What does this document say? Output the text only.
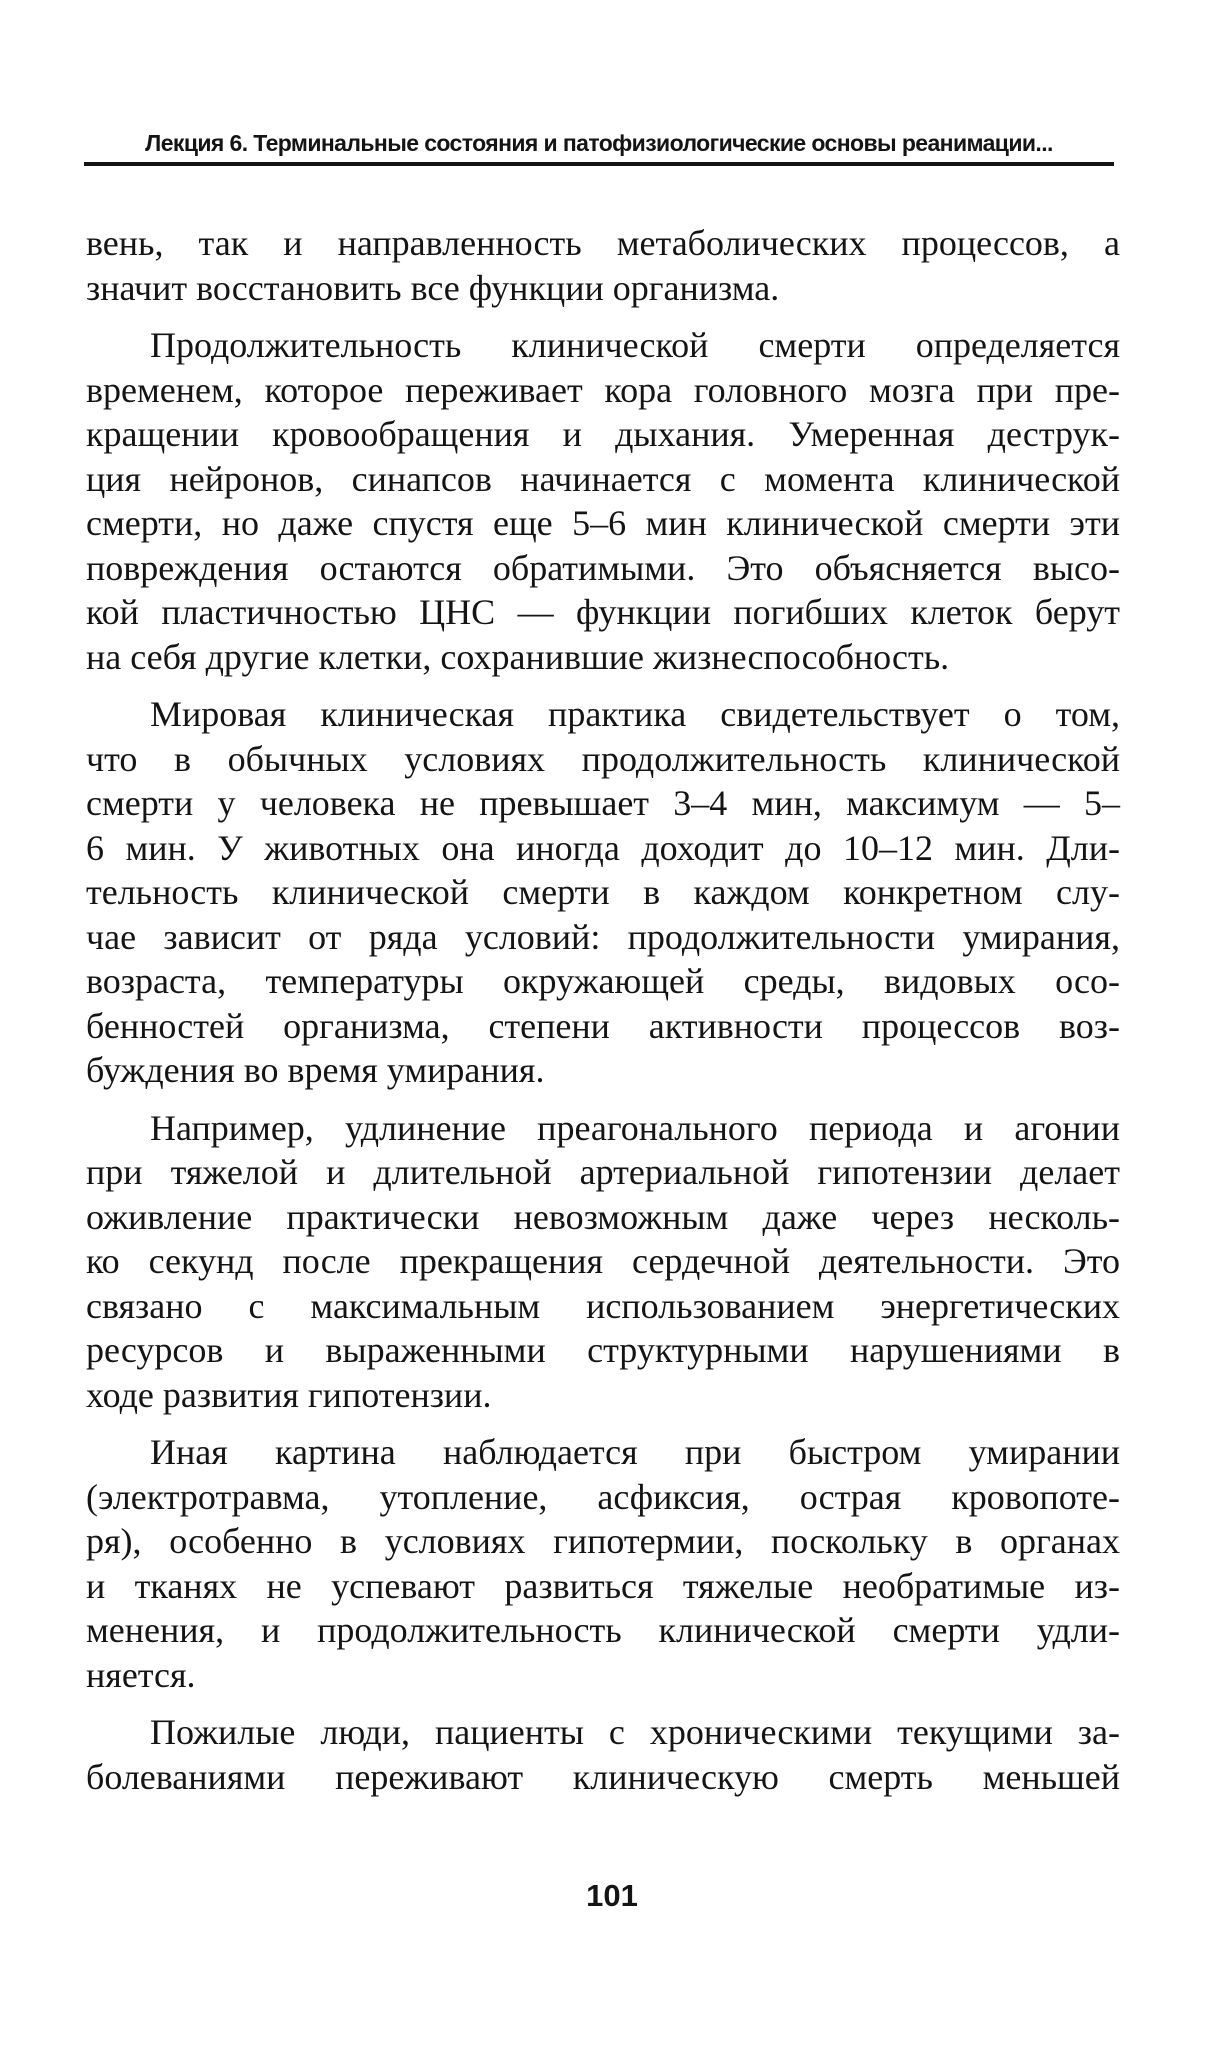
Лекция 6. Терминальные состояния и патофизиологические основы реанимации...
вень, так и направленность метаболических процессов, а
значит восстановить все функции организма.
Продолжительность клинической смерти определяется
временем, которое переживает кора головного мозга при пре-
кращении кровообращения и дыхания. Умеренная деструк-
ция нейронов, синапсов начинается с момента клинической
смерти, но даже спустя еще 5–6 мин клинической смерти эти
повреждения остаются обратимыми. Это объясняется высо-
кой пластичностью ЦНС — функции погибших клеток берут
на себя другие клетки, сохранившие жизнеспособность.
Мировая клиническая практика свидетельствует о том,
что в обычных условиях продолжительность клинической
смерти у человека не превышает 3–4 мин, максимум — 5–
6 мин. У животных она иногда доходит до 10–12 мин. Дли-
тельность клинической смерти в каждом конкретном слу-
чае зависит от ряда условий: продолжительности умирания,
возраста, температуры окружающей среды, видовых осо-
бенностей организма, степени активности процессов воз-
буждения во время умирания.
Например, удлинение преагонального периода и агонии
при тяжелой и длительной артериальной гипотензии делает
оживление практически невозможным даже через несколь-
ко секунд после прекращения сердечной деятельности. Это
связано с максимальным использованием энергетических
ресурсов и выраженными структурными нарушениями в
ходе развития гипотензии.
Иная картина наблюдается при быстром умирании
(электротравма, утопление, асфиксия, острая кровопоте-
ря), особенно в условиях гипотермии, поскольку в органах
и тканях не успевают развиться тяжелые необратимые из-
менения, и продолжительность клинической смерти удли-
няется.
Пожилые люди, пациенты с хроническими текущими за-
болеваниями переживают клиническую смерть меньшей
101
